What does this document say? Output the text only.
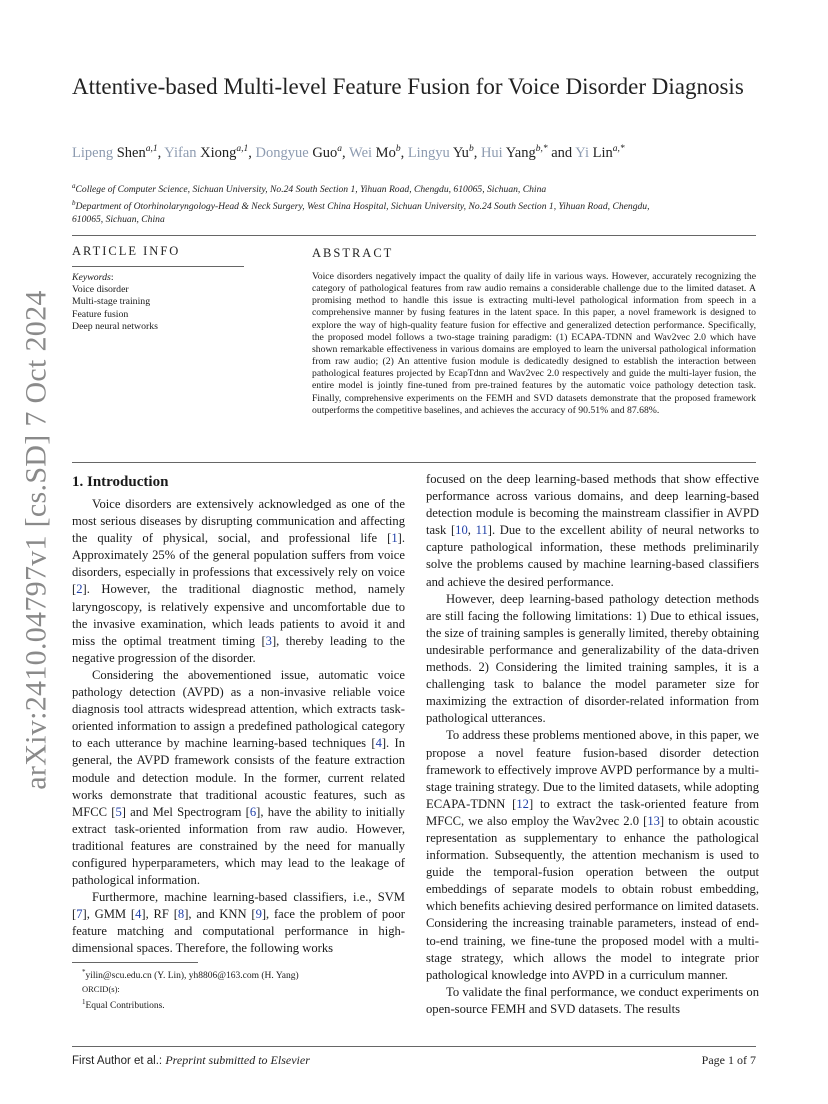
arXiv:2410.04797v1 [cs.SD] 7 Oct 2024
Attentive-based Multi-level Feature Fusion for Voice Disorder Diagnosis
Lipeng Shen$^{a,1}$, Yifan Xiong$^{a,1}$, Dongyue Guo$^a$, Wei Mo$^b$, Lingyu Yu$^b$, Hui Yang$^{b,*}$ and Yi Lin$^{a,*}$

$^a$College of Computer Science, Sichuan University, No.24 South Section 1, Yihuan Road, Chengdu, 610065, Sichuan, China

$^b$Department of Otorhinolaryngology-Head & Neck Surgery, West China Hospital, Sichuan University, No.24 South Section 1, Yihuan Road, Chengdu, 610065, Sichuan, China

ARTICLE INFO
Keywords:
Voice disorder
Multi-stage training
Feature fusion
Deep neural networks
ABSTRACT
Voice disorders negatively impact the quality of daily life in various ways. However, accurately recognizing the category of pathological features from raw audio remains a considerable challenge due to the limited dataset. A promising method to handle this issue is extracting multi-level pathological information from speech in a comprehensive manner by fusing features in the latent space. In this paper, a novel framework is designed to explore the way of high-quality feature fusion for effective and generalized detection performance. Specifically, the proposed model follows a two-stage training paradigm: (1) ECAPA-TDNN and Wav2vec 2.0 which have shown remarkable effectiveness in various domains are employed to learn the universal pathological information from raw audio; (2) An attentive fusion module is dedicatedly designed to establish the interaction between pathological features projected by EcapTdnn and Wav2vec 2.0 respectively and guide the multi-layer fusion, the entire model is jointly fine-tuned from pre-trained features by the automatic voice pathology detection task. Finally, comprehensive experiments on the FEMH and SVD datasets demonstrate that the proposed framework outperforms the competitive baselines, and achieves the accuracy of 90.51% and 87.68%.
1. Introduction

Voice disorders are extensively acknowledged as one of the most serious diseases by disrupting communication and affecting the quality of physical, social, and professional life [1]. Approximately 25% of the general population suffers from voice disorders, especially in professions that excessively rely on voice [2]. However, the traditional diagnostic method, namely laryngoscopy, is relatively expensive and uncomfortable due to the invasive examination, which leads patients to avoid it and miss the optimal treatment timing [3], thereby leading to the negative progression of the disorder.

Considering the abovementioned issue, automatic voice pathology detection (AVPD) as a non-invasive reliable voice diagnosis tool attracts widespread attention, which extracts task-oriented information to assign a predefined pathological category to each utterance by machine learning-based techniques [4]. In general, the AVPD framework consists of the feature extraction module and detection module. In the former, current related works demonstrate that traditional acoustic features, such as MFCC [5] and Mel Spectrogram [6], have the ability to initially extract task-oriented information from raw audio. However, traditional features are constrained by the need for manually configured hyperparameters, which may lead to the leakage of pathological information.

Furthermore, machine learning-based classifiers, i.e., SVM [7], GMM [4], RF [8], and KNN [9], face the problem of poor feature matching and computational performance in high-dimensional spaces. Therefore, the following works

focused on the deep learning-based methods that show effective performance across various domains, and deep learning-based detection module is becoming the mainstream classifier in AVPD task [10, 11]. Due to the excellent ability of neural networks to capture pathological information, these methods preliminarily solve the problems caused by machine learning-based classifiers and achieve the desired performance.

However, deep learning-based pathology detection methods are still facing the following limitations: 1) Due to ethical issues, the size of training samples is generally limited, thereby obtaining undesirable performance and generalizability of the data-driven methods. 2) Considering the limited training samples, it is a challenging task to balance the model parameter size for maximizing the extraction of disorder-related information from pathological utterances.

To address these problems mentioned above, in this paper, we propose a novel feature fusion-based disorder detection framework to effectively improve AVPD performance by a multi-stage training strategy. Due to the limited datasets, while adopting ECAPA-TDNN [12] to extract the task-oriented feature from MFCC, we also employ the Wav2vec 2.0 [13] to obtain acoustic representation as supplementary to enhance the pathological information. Subsequently, the attention mechanism is used to guide the temporal-fusion operation between the output embeddings of separate models to obtain robust embedding, which benefits achieving desired performance on limited datasets. Considering the increasing trainable parameters, instead of end-to-end training, we fine-tune the proposed model with a multi-stage strategy, which allows the model to integrate prior pathological knowledge into AVPD in a curriculum manner.

To validate the final performance, we conduct experiments on open-source FEMH and SVD datasets. The results

*yilin@scu.edu.cn (Y. Lin), yh8806@163.com (H. Yang)

ORCID(s):

$^1$Equal Contributions.

First Author et al.: Preprint submitted to Elsevier	Page 1 of 7
